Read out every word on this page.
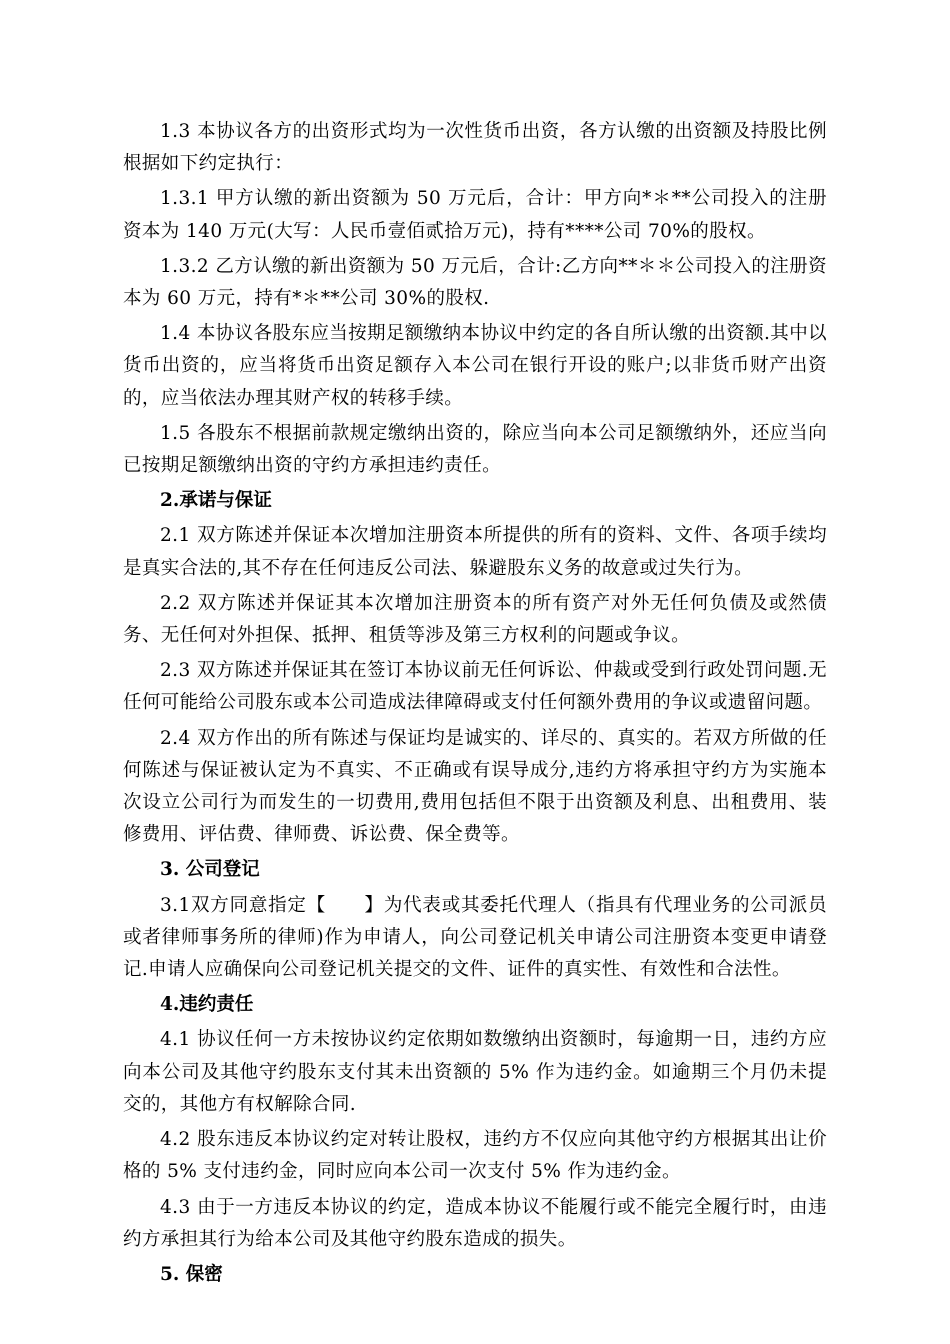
1.3 本协议各方的出资形式均为一次性货币出资，各方认缴的出资额及持股比例根据如下约定执行：

1.3.1 甲方认缴的新出资额为 50 万元后，合计：甲方向*＊**公司投入的注册资本为 140 万元(大写：人民币壹佰贰拾万元)，持有****公司 70%的股权。

1.3.2 乙方认缴的新出资额为 50 万元后，合计:乙方向**＊＊公司投入的注册资本为 60 万元，持有*＊**公司 30%的股权.

1.4 本协议各股东应当按期足额缴纳本协议中约定的各自所认缴的出资额.其中以货币出资的，应当将货币出资足额存入本公司在银行开设的账户;以非货币财产出资的，应当依法办理其财产权的转移手续。

1.5 各股东不根据前款规定缴纳出资的，除应当向本公司足额缴纳外，还应当向已按期足额缴纳出资的守约方承担违约责任。

2.承诺与保证

2.1 双方陈述并保证本次增加注册资本所提供的所有的资料、文件、各项手续均是真实合法的,其不存在任何违反公司法、躲避股东义务的故意或过失行为。

2.2 双方陈述并保证其本次增加注册资本的所有资产对外无任何负债及或然债务、无任何对外担保、抵押、租赁等涉及第三方权利的问题或争议。

2.3 双方陈述并保证其在签订本协议前无任何诉讼、仲裁或受到行政处罚问题.无任何可能给公司股东或本公司造成法律障碍或支付任何额外费用的争议或遗留问题。

2.4 双方作出的所有陈述与保证均是诚实的、详尽的、真实的。若双方所做的任何陈述与保证被认定为不真实、不正确或有误导成分,违约方将承担守约方为实施本次设立公司行为而发生的一切费用,费用包括但不限于出资额及利息、出租费用、装修费用、评估费、律师费、诉讼费、保全费等。

3. 公司登记

3.1双方同意指定【　　】为代表或其委托代理人（指具有代理业务的公司派员或者律师事务所的律师)作为申请人，向公司登记机关申请公司注册资本变更申请登记.申请人应确保向公司登记机关提交的文件、证件的真实性、有效性和合法性。

4.违约责任

4.1 协议任何一方未按协议约定依期如数缴纳出资额时，每逾期一日，违约方应向本公司及其他守约股东支付其未出资额的 5% 作为违约金。如逾期三个月仍未提交的，其他方有权解除合同.

4.2 股东违反本协议约定对转让股权，违约方不仅应向其他守约方根据其出让价格的 5% 支付违约金，同时应向本公司一次支付 5% 作为违约金。

4.3 由于一方违反本协议的约定，造成本协议不能履行或不能完全履行时，由违约方承担其行为给本公司及其他守约股东造成的损失。

5. 保密
